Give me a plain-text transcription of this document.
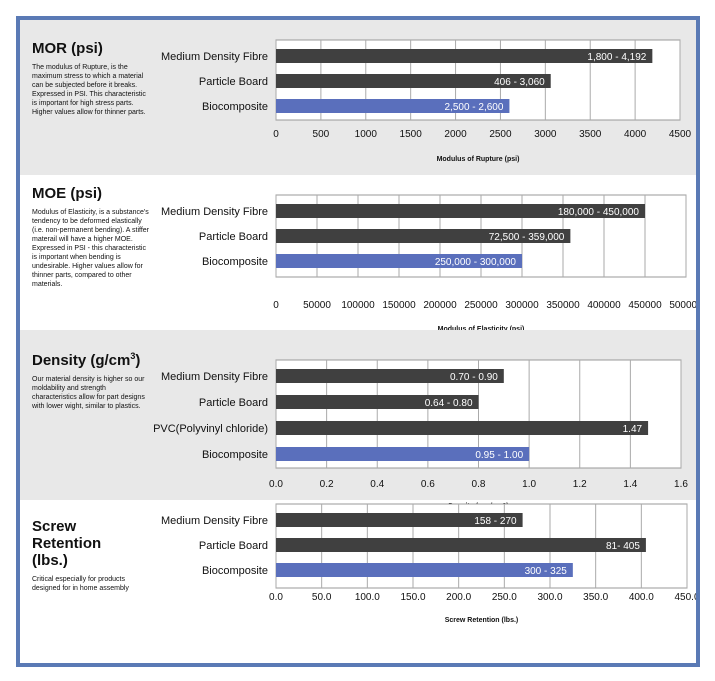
MOR (psi)

The modulus of Rupture, is the maximum stress to which a material can be subjected before it breaks. Expressed in PSI. This characteristic is important for high stress parts. Higher values allow for thinner parts.

0	500	1000 1500 2000 2500 3000 3500 4000 4500
Medium Density Fibre	1,800 - 4,192
Particle Board	406 - 3,060
Biocomposite	2,500 - 2,600
Modulus of Rupture (psi)
MOE (psi)

Modulus of Elasticity, is a substance's tendency to be deformed elastically (i.e. non-permanent bending). A stiffer materail will have a higher MOE. Expressed in PSI - this characteristic is important when bending is undesirable. Higher values allow for thinner parts, compared to other materials.

0 50000 100000 150000 200000 250000 300000 350000 400000 450000 500000
Medium Density Fibre	180,000 - 450,000
Particle Board	72,500 - 359,000
Biocomposite	250,000 - 300,000
Density $(g/cm^3)$

Our material density is higher so our moldability and strength characteristics allow for part designs with lower wight, similar to plastics.

0.0	0.2	0.4	0.6	0.8	1.0	1.2	1.4	1.6
Medium Density Fibre	0.70 - 0.90
Particle Board	0.64 - 0.80
PVC(Polyvinyl chloride)	1.47
Biocomposite	0.95 - 1.00
Screw Retention (lbs.)

Critical especially for products designed for in home assembly

0.0	50.0 100.0 150.0 200.0 250.0 300.0 350.0 400.0 450.0
Medium Density Fibre	158 - 270
Particle Board	81- 405
Biocomposite	300 - 325
Screw Retention (lbs.)
